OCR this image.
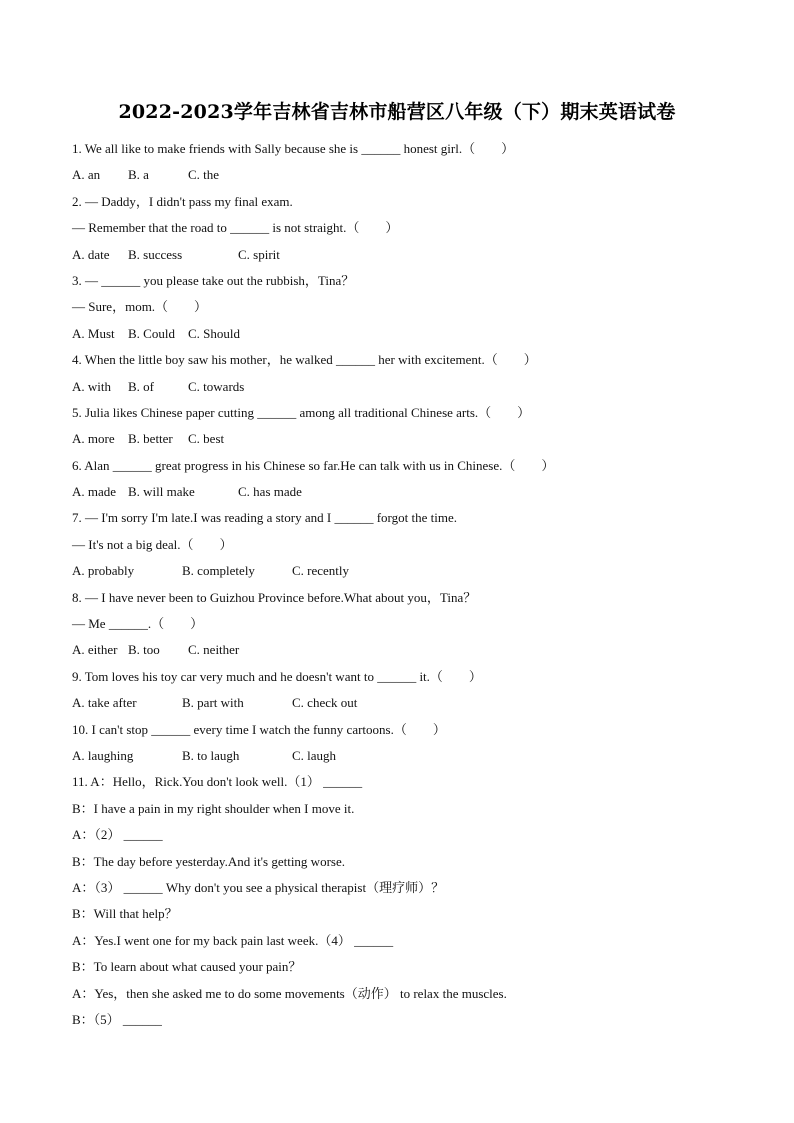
2022-2023学年吉林省吉林市船营区八年级（下）期末英语试卷
1. We all like to make friends with Sally because she is ______ honest girl.（　　）
A. an B. a	C. the
2. — Daddy，I didn't pass my final exam.
— Remember that the road to ______ is not straight.（　　）
A. date B. success	C. spirit
3. — ______ you please take out the rubbish，Tina？
— Sure，mom.（　　）
A. Must B. Could C. Should
4. When the little boy saw his mother，he walked ______ her with excitement.（　　）
A. with B. of	C. towards
5. Julia likes Chinese paper cutting ______ among all traditional Chinese arts.（　　）
A. more B. better C. best
6. Alan ______ great progress in his Chinese so far.He can talk with us in Chinese.（　　）
A. made B. will make	C. has made
7. — I'm sorry I'm late.I was reading a story and I ______ forgot the time.
— It's not a big deal.（　　）
A. probably	B. completely	C. recently
8. — I have never been to Guizhou Province before.What about you，Tina？
— Me ______.（　　）
A. either B. too C. neither
9. Tom loves his toy car very much and he doesn't want to ______ it.（　　）
A. take after	B. part with	C. check out
10. I can't stop ______ every time I watch the funny cartoons.（　　）
A. laughing	B. to laugh	C. laugh
11. A：Hello，Rick.You don't look well.（1） ______
B：I have a pain in my right shoulder when I move it.
A：（2） ______
B：The day before yesterday.And it's getting worse.
A：（3） ______ Why don't you see a physical therapist（理疗师）？
B：Will that help？
A：Yes.I went one for my back pain last week.（4） ______
B：To learn about what caused your pain？
A：Yes，then she asked me to do some movements（动作） to relax the muscles.
B：（5） ______
